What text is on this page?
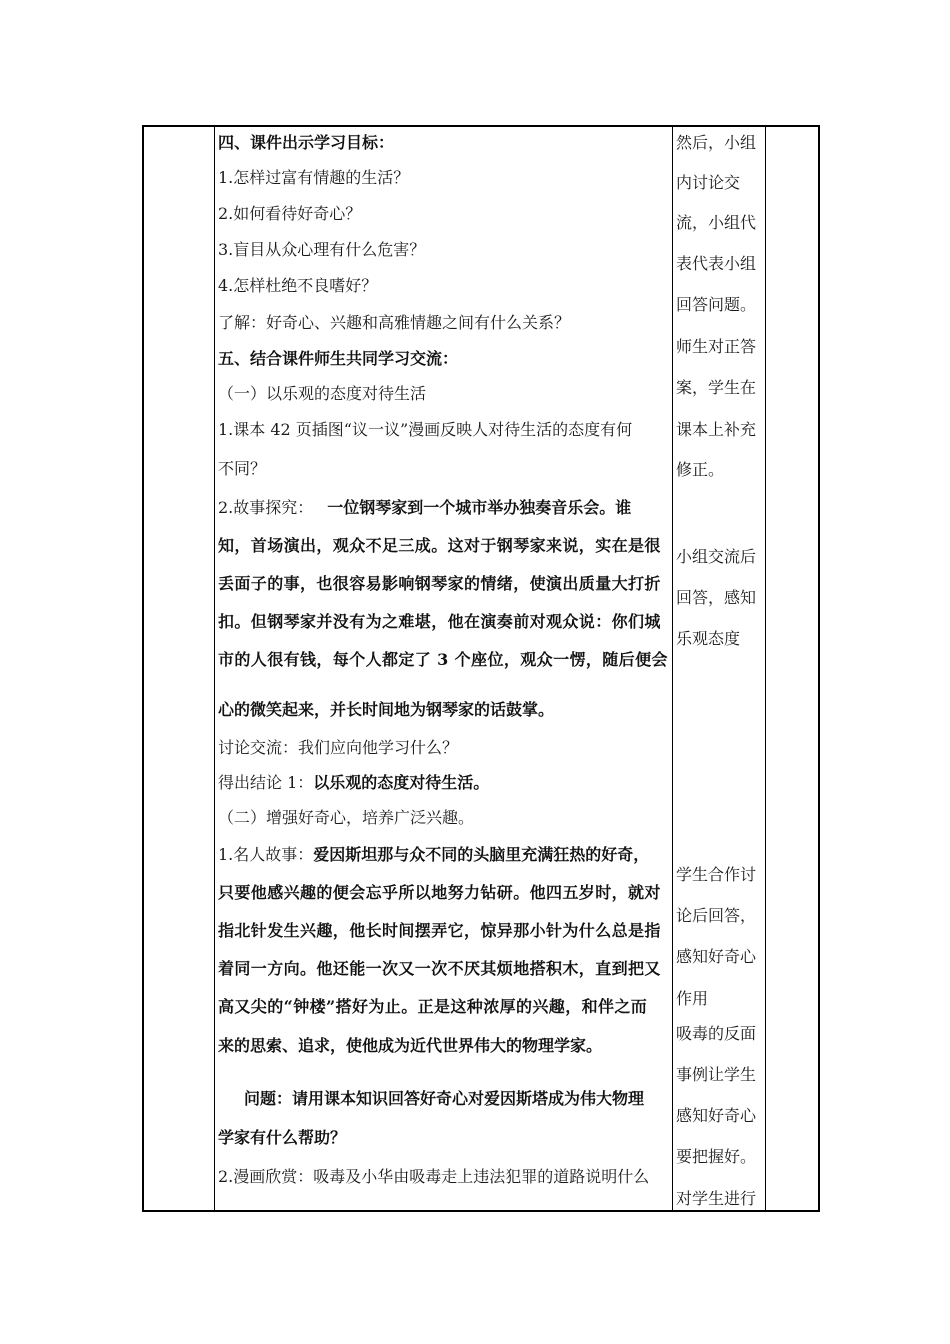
四、课件出示学习目标：
1.怎样过富有情趣的生活？
2.如何看待好奇心？
3.盲目从众心理有什么危害？
4.怎样杜绝不良嗜好？
了解：好奇心、兴趣和高雅情趣之间有什么关系？
五、结合课件师生共同学习交流：
（一）以乐观的态度对待生活
1.课本 42 页插图“议一议”漫画反映人对待生活的态度有何
不同？
2.故事探究： 一位钢琴家到一个城市举办独奏音乐会。谁
知，首场演出，观众不足三成。这对于钢琴家来说，实在是很
丢面子的事，也很容易影响钢琴家的情绪，使演出质量大打折
扣。但钢琴家并没有为之难堪，他在演奏前对观众说：你们城
市的人很有钱，每个人都定了 3 个座位，观众一愣，随后便会
心的微笑起来，并长时间地为钢琴家的话鼓掌。
讨论交流：我们应向他学习什么？
得出结论 1：以乐观的态度对待生活。
（二）增强好奇心，培养广泛兴趣。
1.名人故事：爱因斯坦那与众不同的头脑里充满狂热的好奇，
只要他感兴趣的便会忘乎所以地努力钻研。他四五岁时，就对
指北针发生兴趣，他长时间摆弄它，惊异那小针为什么总是指
着同一方向。他还能一次又一次不厌其烦地搭积木，直到把又
高又尖的“钟楼”搭好为止。正是这种浓厚的兴趣，和伴之而
来的思索、追求，使他成为近代世界伟大的物理学家。
问题：请用课本知识回答好奇心对爱因斯塔成为伟大物理
学家有什么帮助？
2.漫画欣赏：吸毒及小华由吸毒走上违法犯罪的道路说明什么
然后，小组
内讨论交
流，小组代
表代表小组
回答问题。
师生对正答
案，学生在
课本上补充
修正。
小组交流后
回答，感知
乐观态度
学生合作讨
论后回答，
感知好奇心
作用
吸毒的反面
事例让学生
感知好奇心
要把握好。
对学生进行
